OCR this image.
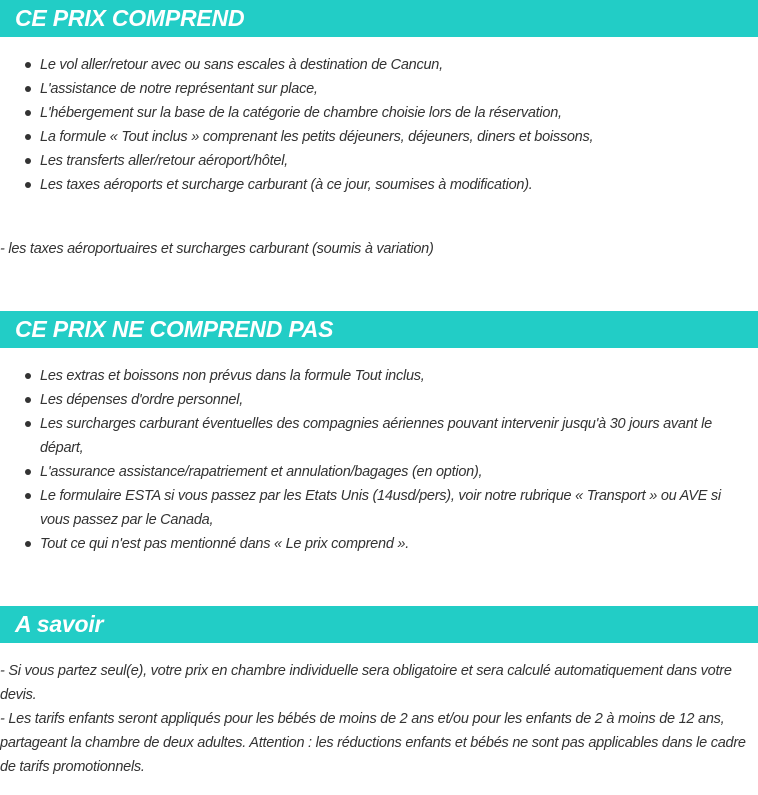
CE PRIX COMPREND
Le vol aller/retour avec ou sans escales à destination de Cancun,
L'assistance de notre représentant sur place,
L'hébergement sur la base de la catégorie de chambre choisie lors de la réservation,
La formule « Tout inclus » comprenant les petits déjeuners, déjeuners, diners et boissons,
Les transferts aller/retour aéroport/hôtel,
Les taxes aéroports et surcharge carburant (à ce jour, soumises à modification).

- les taxes aéroportuaires et surcharges carburant (soumis à variation)

CE PRIX NE COMPREND PAS
Les extras et boissons non prévus dans la formule Tout inclus,
Les dépenses d'ordre personnel,
Les surcharges carburant éventuelles des compagnies aériennes pouvant intervenir jusqu'à 30 jours avant le départ,
L'assurance assistance/rapatriement et annulation/bagages (en option),
Le formulaire ESTA si vous passez par les Etats Unis (14usd/pers), voir notre rubrique « Transport » ou AVE si vous passez par le Canada,
Tout ce qui n'est pas mentionné dans « Le prix comprend ».
A savoir

- Si vous partez seul(e), votre prix en chambre individuelle sera obligatoire et sera calculé automatiquement dans votre devis.

- Les tarifs enfants seront appliqués pour les bébés de moins de 2 ans et/ou pour les enfants de 2 à moins de 12 ans, partageant la chambre de deux adultes. Attention : les réductions enfants et bébés ne sont pas applicables dans le cadre de tarifs promotionnels.
